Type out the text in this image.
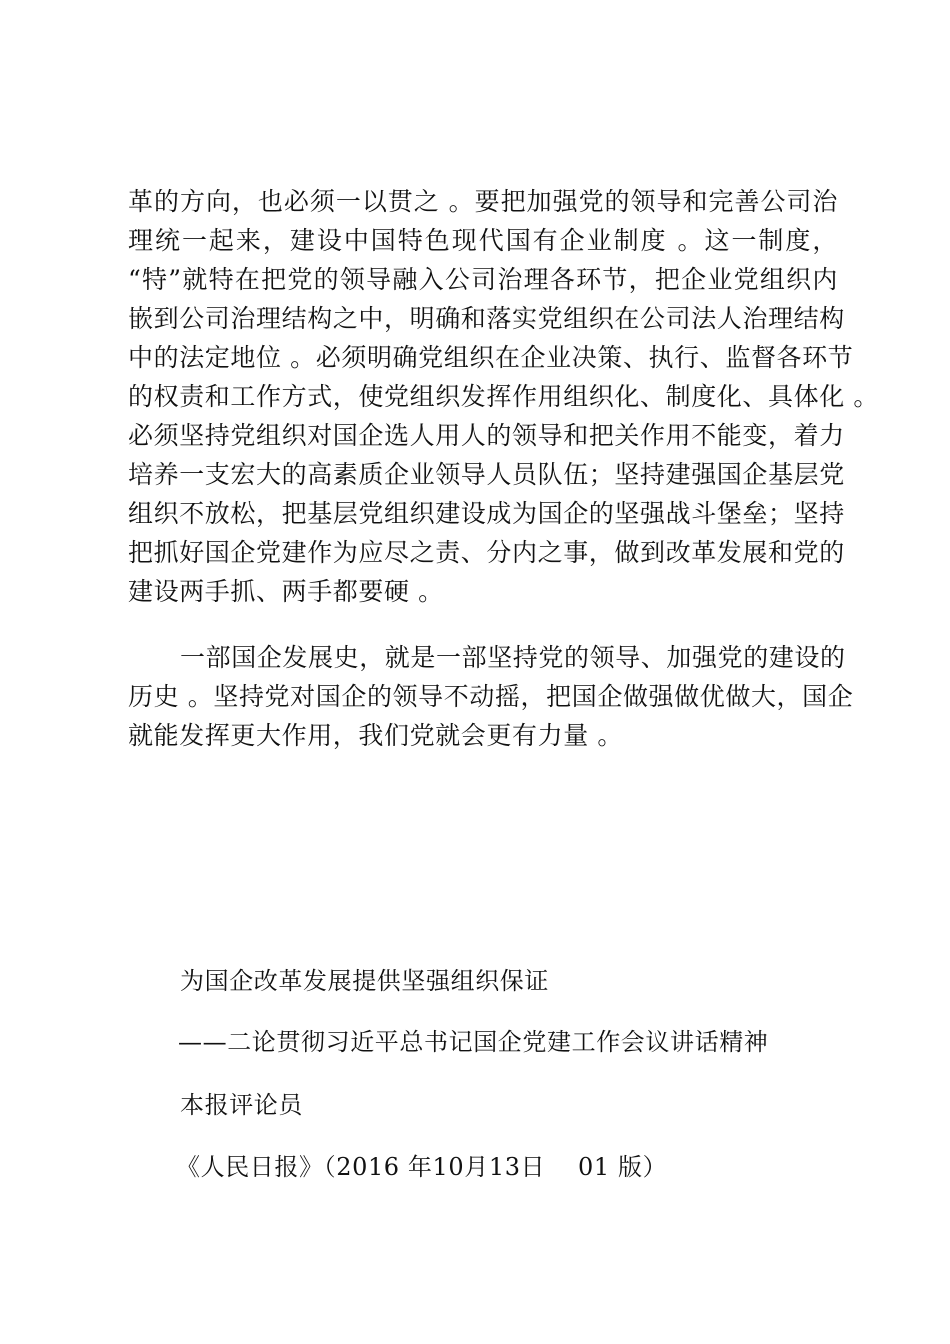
革的方向，也必须一以贯之 。要把加强党的领导和完善公司治
理统一起来，建设中国特色现代国有企业制度 。这一制度，
“特”就特在把党的领导融入公司治理各环节，把企业党组织内
嵌到公司治理结构之中，明确和落实党组织在公司法人治理结构
中的法定地位 。必须明确党组织在企业决策、执行、监督各环节
的权责和工作方式，使党组织发挥作用组织化、制度化、具体化 。
必须坚持党组织对国企选人用人的领导和把关作用不能变，着力
培养一支宏大的高素质企业领导人员队伍；坚持建强国企基层党
组织不放松，把基层党组织建设成为国企的坚强战斗堡垒；坚持
把抓好国企党建作为应尽之责、分内之事，做到改革发展和党的
建设两手抓、两手都要硬 。

一部国企发展史，就是一部坚持党的领导、加强党的建设的
历史 。坚持党对国企的领导不动摇，把国企做强做优做大，国企
就能发挥更大作用，我们党就会更有力量 。

为国企改革发展提供坚强组织保证
——二论贯彻习近平总书记国企党建工作会议讲话精神
本报评论员
《人民日报》（2016 年10月13日　 01 版）
